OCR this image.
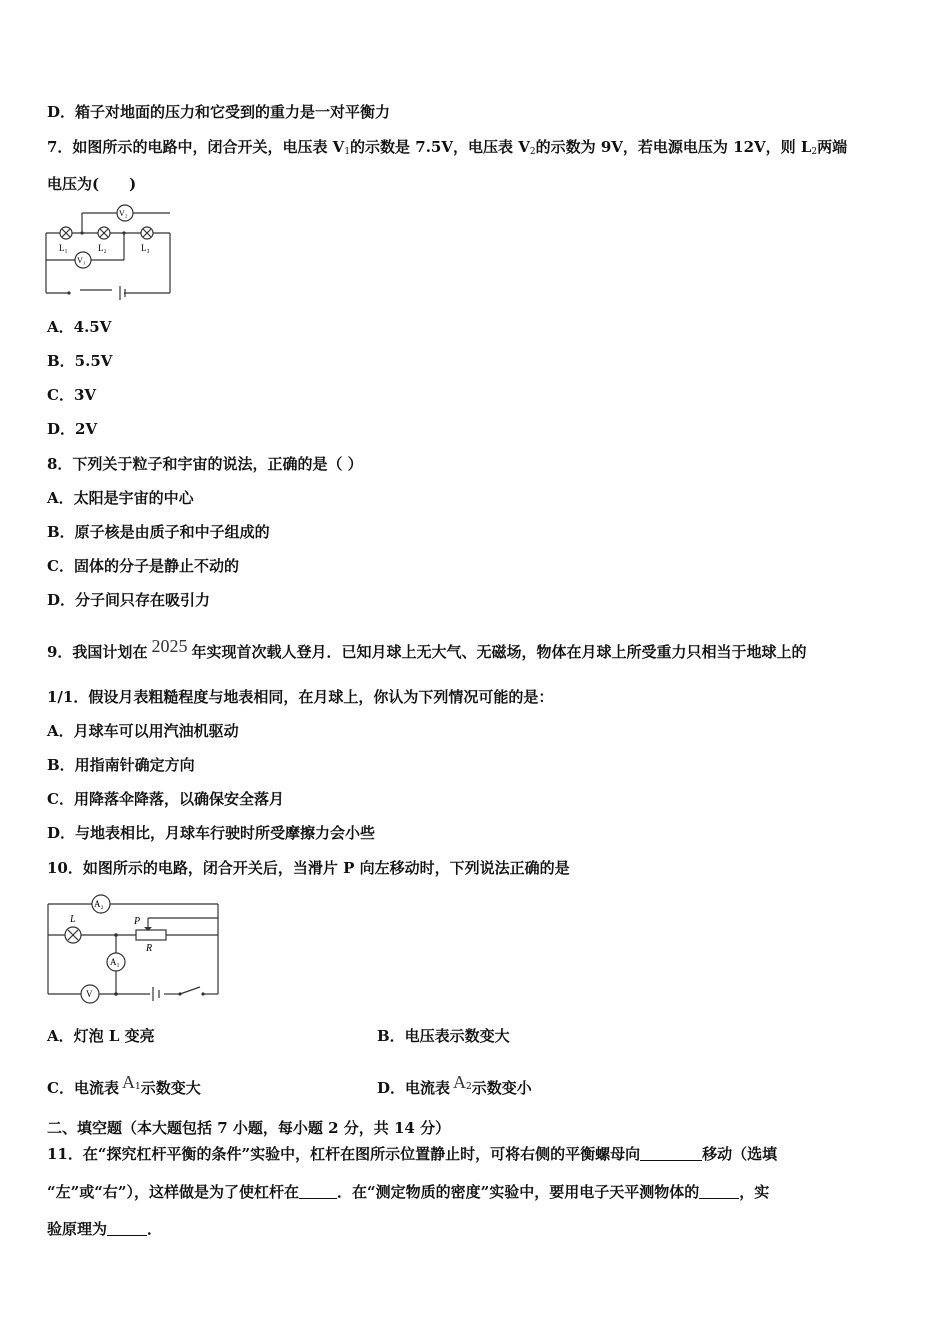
D．箱子对地面的压力和它受到的重力是一对平衡力
7．如图所示的电路中，闭合开关，电压表 $V_1$的示数是 7.5V，电压表 $V_2$的示数为 9V，若电源电压为 12V，则 $L_2$两端
电压为(　　)
V₂
V₁
L₁	L₂	L₃
A．4.5V
B．5.5V
C．3V
D．2V
8．下列关于粒子和宇宙的说法，正确的是（ ）
A．太阳是宇宙的中心
B．原子核是由质子和中子组成的
C．固体的分子是静止不动的
D．分子间只存在吸引力
9．我国计划在 2025 年实现首次载人登月．已知月球上无大气、无磁场，物体在月球上所受重力只相当于地球上的
1/1．假设月表粗糙程度与地表相同，在月球上，你认为下列情况可能的是：
A．月球车可以用汽油机驱动
B．用指南针确定方向
C．用降落伞降落，以确保安全落月
D．与地表相比，月球车行驶时所受摩擦力会小些
10．如图所示的电路，闭合开关后，当滑片 P 向左移动时，下列说法正确的是
A₂
A₁
V
L	P
R
A．灯泡 L 变亮	B．电压表示数变大
C．电流表 $A^1$示数变大	D．电流表 $A^2$示数变小
二、填空题（本大题包括 7 小题，每小题 2 分，共 14 分）
11．在“探究杠杆平衡的条件”实验中，杠杆在图所示位置静止时，可将右侧的平衡螺母向	移动（选填
“左”或“右”），这样做是为了使杠杆在	．在“测定物质的密度”实验中，要用电子天平测物体的	，实
验原理为	．
